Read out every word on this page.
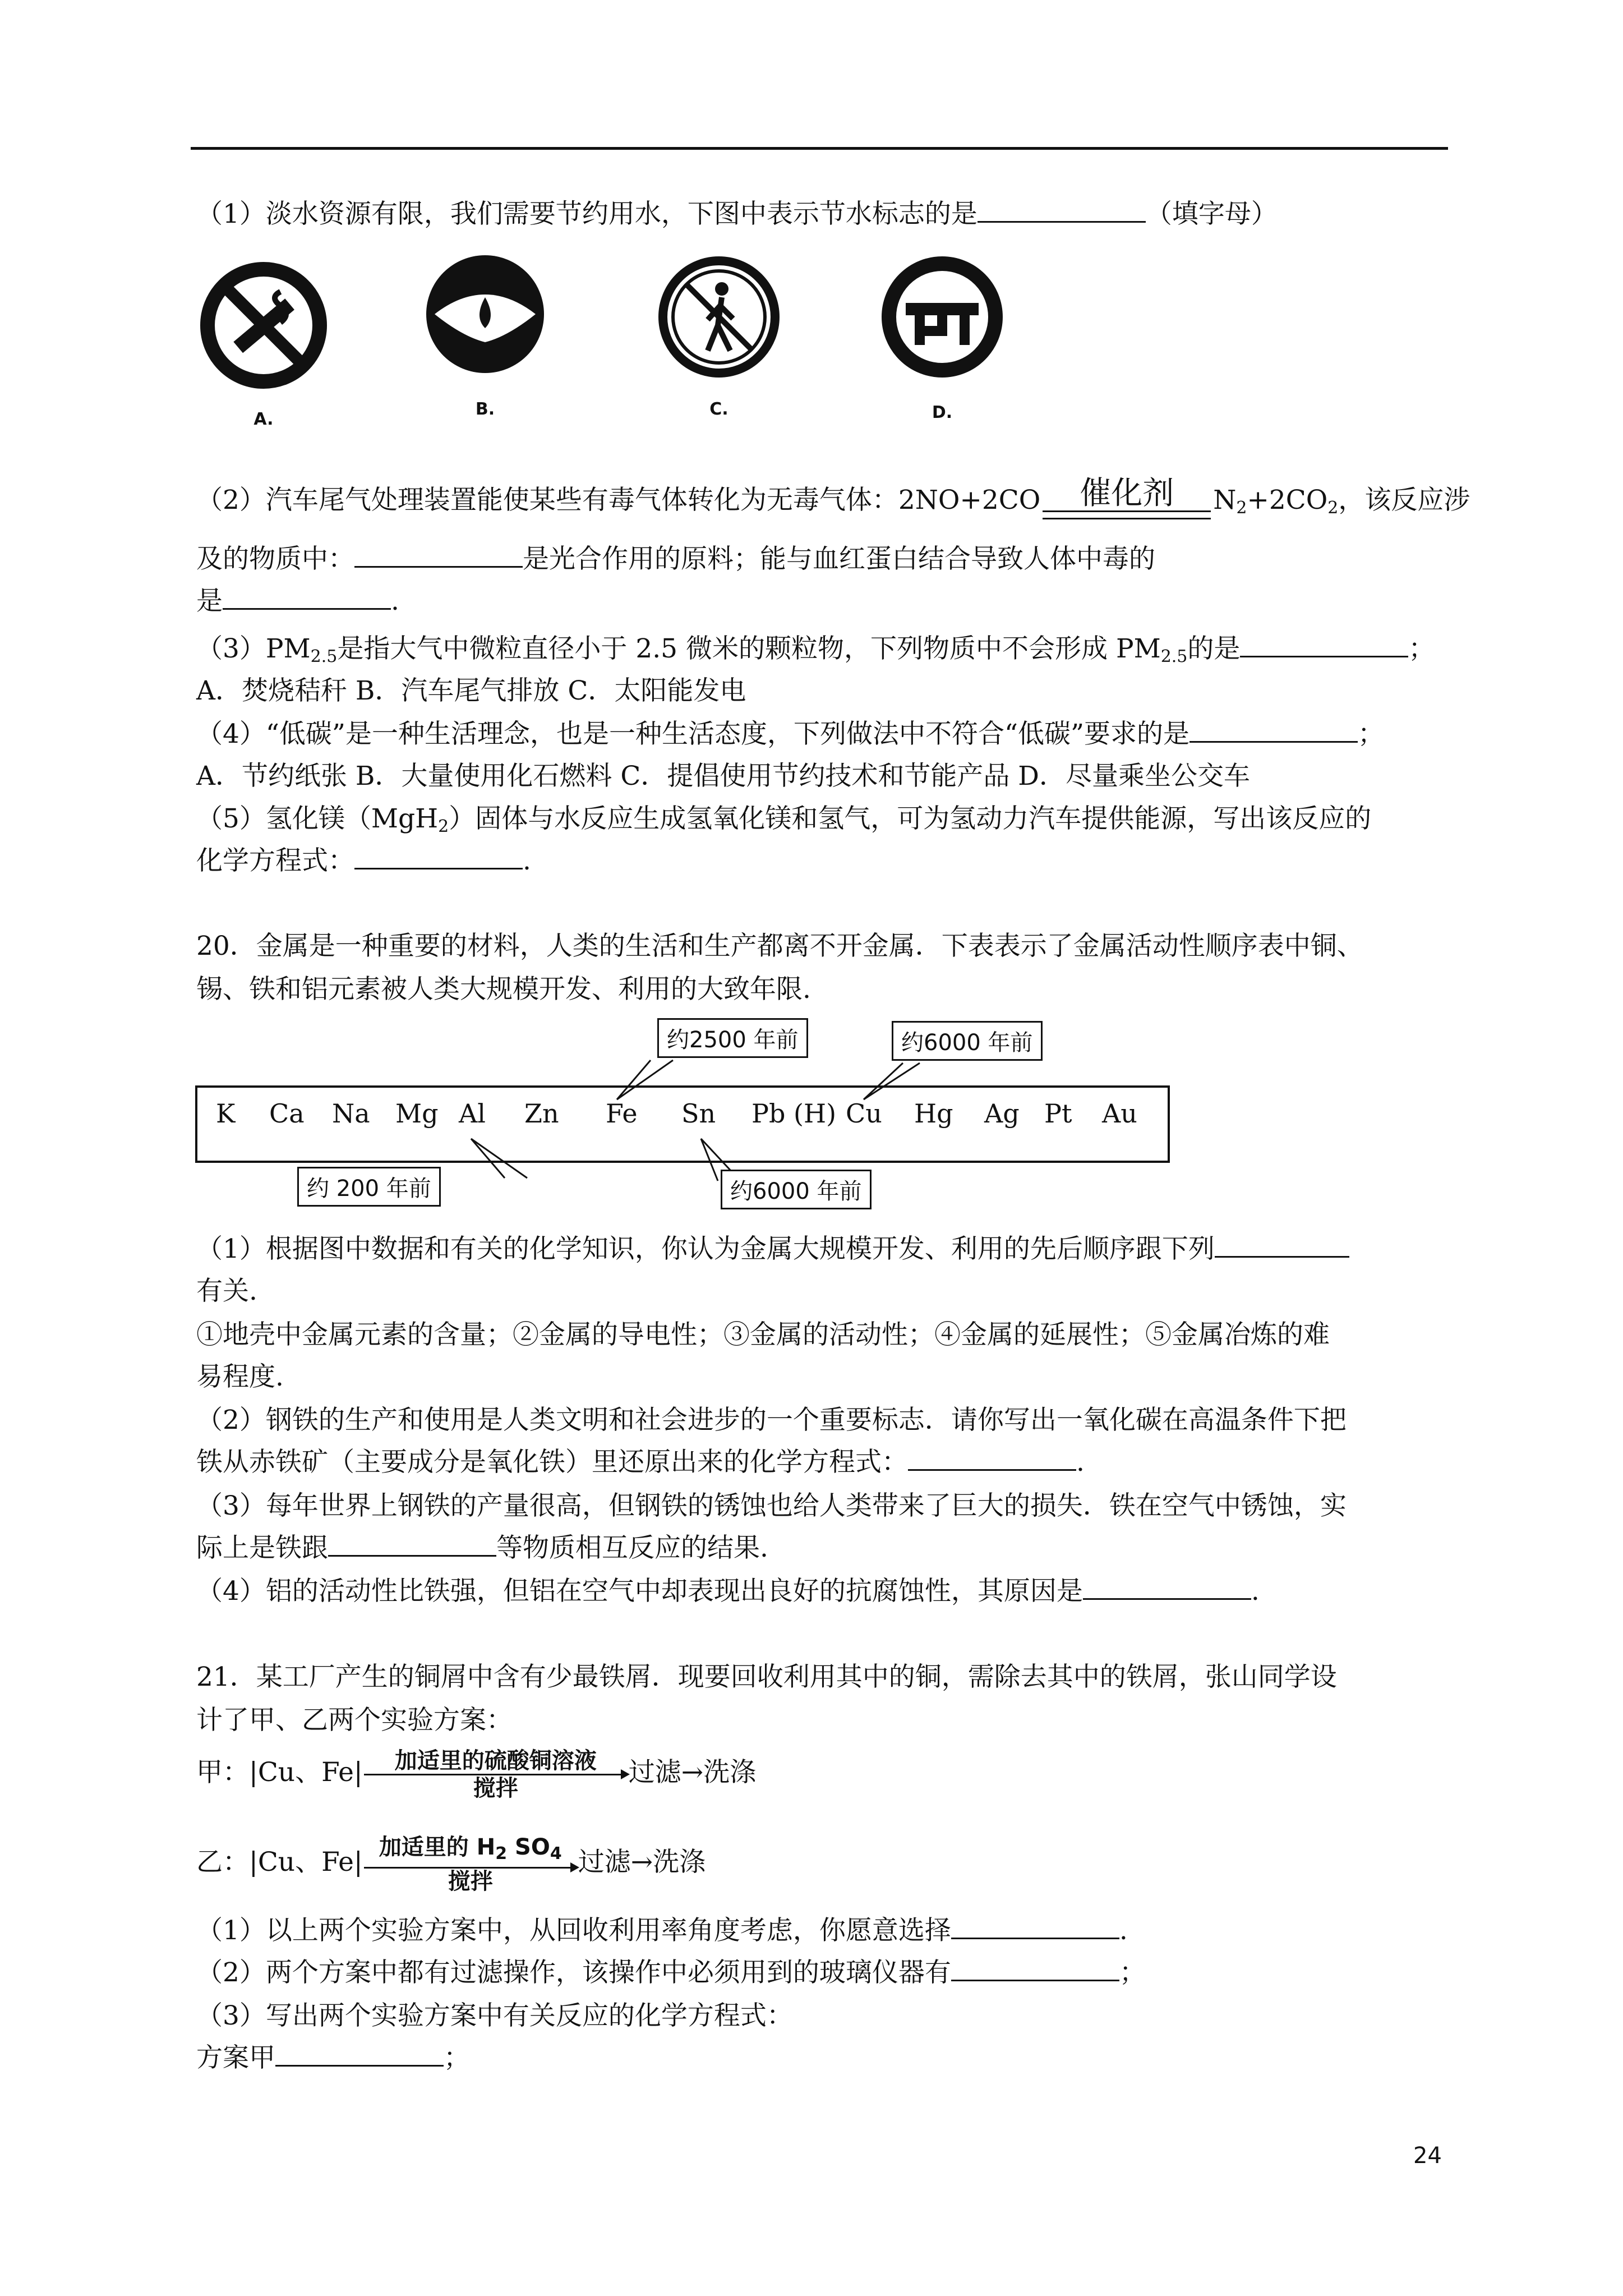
（1）淡水资源有限，我们需要节约用水，下图中表示节水标志的是	（填字母）
A.
B.	C.	D.
（2）汽车尾气处理装置能使某些有毒气体转化为无毒气体：2NO+2CO 催化剂 $N_2+2CO_2$，该反应涉
及的物质中：	是光合作用的原料；能与血红蛋白结合导致人体中毒的
是	.
$(3)PM_{2.5}$是指大气中微粒直径小于 2.5 微米的颗粒物，下列物质中不会形成 $PM_{2.5}$的是	；
A．焚烧秸秆 B．汽车尾气排放 C．太阳能发电
（4）“低碳”是一种生活理念，也是一种生活态度，下列做法中不符合“低碳”要求的是	；
A．节约纸张 B．大量使用化石燃料 C．提倡使用节约技术和节能产品 D．尽量乘坐公交车
（5）氢化镁（MgH$_2$）固体与水反应生成氢氧化镁和氢气，可为氢动力汽车提供能源，写出该反应的
化学方程式：	.
20．金属是一种重要的材料，人类的生活和生产都离不开金属．下表表示了金属活动性顺序表中铜、
锡、铁和铝元素被人类大规模开发、利用的大致年限.
K Ca Na Mg Al Zn Fe Sn Pb (H) Cu Hg Ag Pt Au
约2500 年前	约6000 年前
约 200 年前	约6000 年前
（1）根据图中数据和有关的化学知识，你认为金属大规模开发、利用的先后顺序跟下列
有关.
①地壳中金属元素的含量；②金属的导电性；③金属的活动性；④金属的延展性；⑤金属冶炼的难
易程度.
（2）钢铁的生产和使用是人类文明和社会进步的一个重要标志．请你写出一氧化碳在高温条件下把
铁从赤铁矿（主要成分是氧化铁）里还原出来的化学方程式：	.
（3）每年世界上钢铁的产量很高，但钢铁的锈蚀也给人类带来了巨大的损失．铁在空气中锈蚀，实
际上是铁跟	等物质相互反应的结果.
（4）铝的活动性比铁强，但铝在空气中却表现出良好的抗腐蚀性，其原因是	.
21．某工厂产生的铜屑中含有少最铁屑．现要回收利用其中的铜，需除去其中的铁屑，张山同学设
计了甲、乙两个实验方案：
甲：|Cu、Fe| 加适里的硫酸铜溶液
搅拌
过滤→洗涤
乙：|Cu、Fe| 加适里的 $H_2$ $SO_4$
搅拌
过滤→洗涤
（1）以上两个实验方案中，从回收利用率角度考虑，你愿意选择	.
（2）两个方案中都有过滤操作，该操作中必须用到的玻璃仪器有	；
（3）写出两个实验方案中有关反应的化学方程式：
方案甲	；
24
